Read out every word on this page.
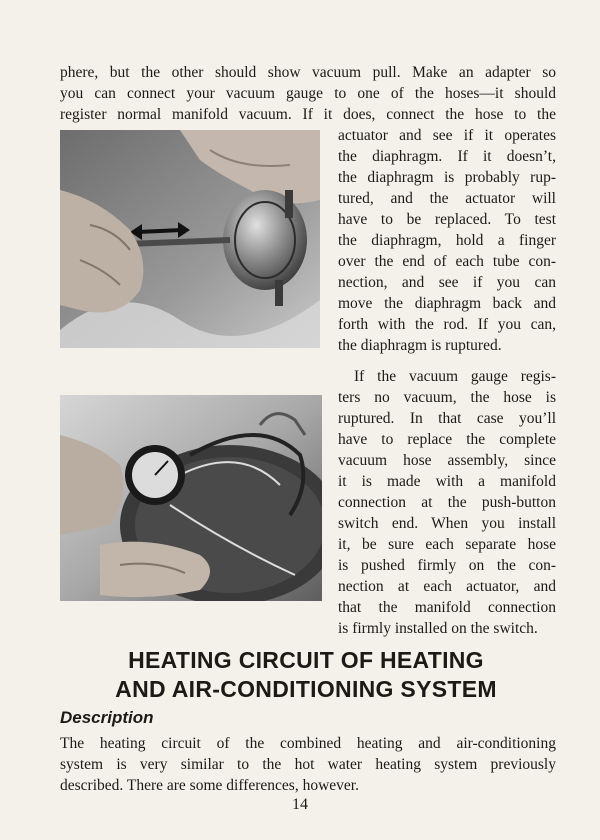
phere, but the other should show vacuum pull. Make an adapter so
you can connect your vacuum gauge to one of the hoses—it should
register normal manifold vacuum. If it does, connect the hose to the
actuator and see if it operates
the diaphragm. If it doesn’t,
the diaphragm is probably rup-
tured, and the actuator will
have to be replaced. To test
the diaphragm, hold a finger
over the end of each tube con-
nection, and see if you can
move the diaphragm back and
forth with the rod. If you can,
the diaphragm is ruptured.
If the vacuum gauge regis-
ters no vacuum, the hose is
ruptured. In that case you’ll
have to replace the complete
vacuum hose assembly, since
it is made with a manifold
connection at the push-button
switch end. When you install
it, be sure each separate hose
is pushed firmly on the con-
nection at each actuator, and
that the manifold connection
is firmly installed on the switch.
HEATING CIRCUIT OF HEATING
AND AIR-CONDITIONING SYSTEM
Description
The heating circuit of the combined heating and air-conditioning
system is very similar to the hot water heating system previously
described. There are some differences, however.
14
